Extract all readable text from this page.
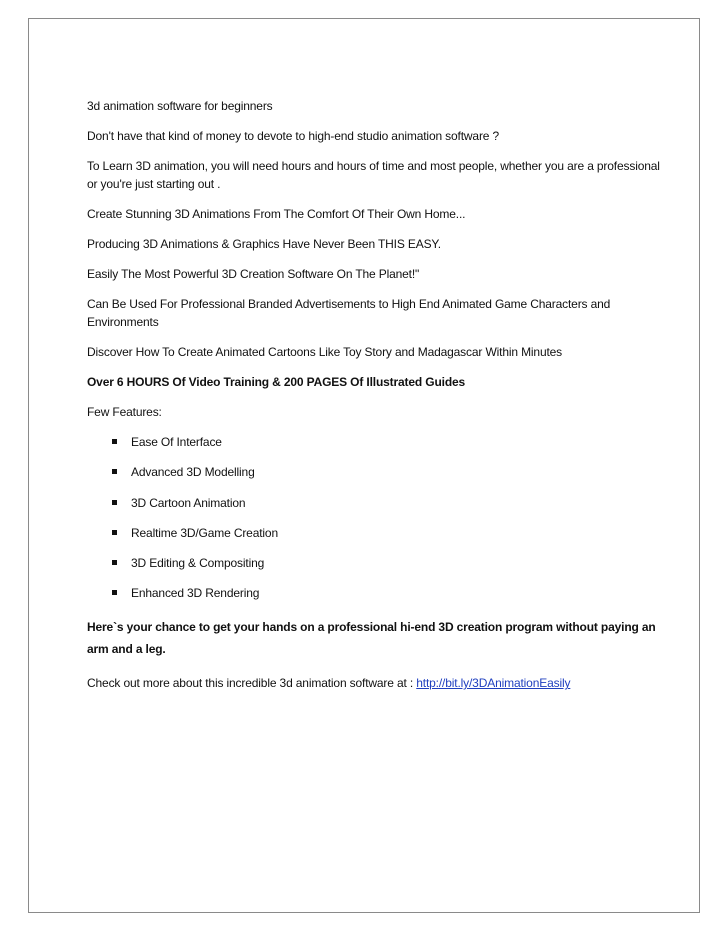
3d animation software for beginners

Don't have that kind of money to devote to high-end studio animation software ?

To Learn 3D animation, you will need hours and hours of time and most people, whether you are a professional or you're just starting out .

Create Stunning 3D Animations From The Comfort Of Their Own Home...

Producing 3D Animations & Graphics Have Never Been THIS EASY.

Easily The Most Powerful 3D Creation Software On The Planet!"

Can Be Used For Professional Branded Advertisements to High End Animated Game Characters and Environments

Discover How To Create Animated Cartoons Like Toy Story and Madagascar Within Minutes

Over 6 HOURS Of Video Training & 200 PAGES Of Illustrated Guides

Few Features:

Ease Of Interface
Advanced 3D Modelling
3D Cartoon Animation
Realtime 3D/Game Creation
3D Editing & Compositing
Enhanced 3D Rendering

Here`s your chance to get your hands on a professional hi-end 3D creation program without paying an arm and a leg.

Check out more about this incredible 3d animation software at : http://bit.ly/3DAnimationEasily
